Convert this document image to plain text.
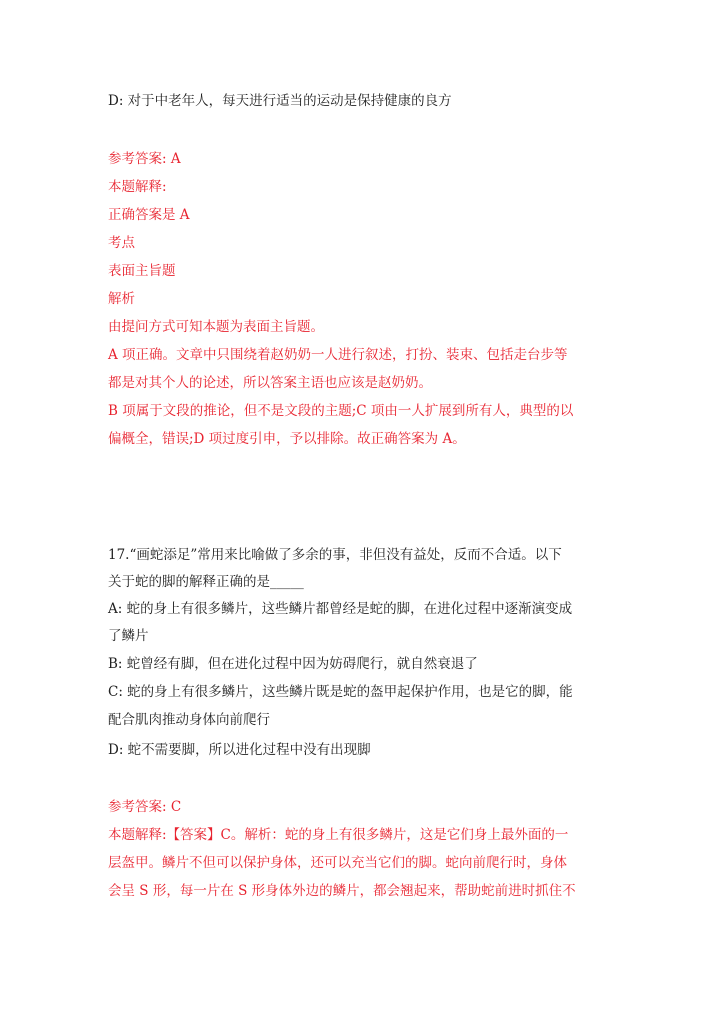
D: 对于中老年人，每天进行适当的运动是保持健康的良方
参考答案: A
本题解释:
正确答案是 A
考点
表面主旨题
解析
由提问方式可知本题为表面主旨题。
A 项正确。文章中只围绕着赵奶奶一人进行叙述，打扮、装束、包括走台步等
都是对其个人的论述，所以答案主语也应该是赵奶奶。
B 项属于文段的推论，但不是文段的主题;C 项由一人扩展到所有人，典型的以
偏概全，错误;D 项过度引申，予以排除。故正确答案为 A。
17.“画蛇添足”常用来比喻做了多余的事，非但没有益处，反而不合适。以下
关于蛇的脚的解释正确的是_____
A: 蛇的身上有很多鳞片，这些鳞片都曾经是蛇的脚，在进化过程中逐渐演变成
了鳞片
B: 蛇曾经有脚，但在进化过程中因为妨碍爬行，就自然衰退了
C: 蛇的身上有很多鳞片，这些鳞片既是蛇的盔甲起保护作用，也是它的脚，能
配合肌肉推动身体向前爬行
D: 蛇不需要脚，所以进化过程中没有出现脚
参考答案: C
本题解释:【答案】C。解析：蛇的身上有很多鳞片，这是它们身上最外面的一
层盔甲。鳞片不但可以保护身体，还可以充当它们的脚。蛇向前爬行时，身体
会呈 S 形，每一片在 S 形身体外边的鳞片，都会翘起来，帮助蛇前进时抓住不
